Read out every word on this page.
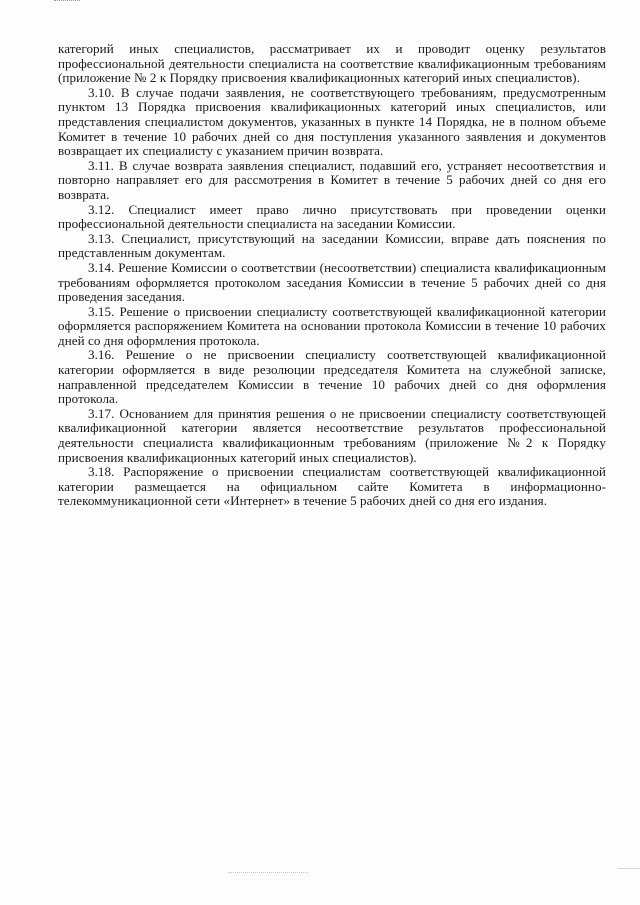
категорий иных специалистов, рассматривает их и проводит оценку результатов профессиональной деятельности специалиста на соответствие квалификационным требованиям (приложение № 2 к Порядку присвоения квалификационных категорий иных специалистов).

3.10. В случае подачи заявления, не соответствующего требованиям, предусмотренным пунктом 13 Порядка присвоения квалификационных категорий иных специалистов, или представления специалистом документов, указанных в пункте 14 Порядка, не в полном объеме Комитет в течение 10 рабочих дней со дня поступления указанного заявления и документов возвращает их специалисту с указанием причин возврата.

3.11. В случае возврата заявления специалист, подавший его, устраняет несоответствия и повторно направляет его для рассмотрения в Комитет в течение 5 рабочих дней со дня его возврата.

3.12. Специалист имеет право лично присутствовать при проведении оценки профессиональной деятельности специалиста на заседании Комиссии.

3.13. Специалист, присутствующий на заседании Комиссии, вправе дать пояснения по представленным документам.

3.14. Решение Комиссии о соответствии (несоответствии) специалиста квалификационным требованиям оформляется протоколом заседания Комиссии в течение 5 рабочих дней со дня проведения заседания.

3.15. Решение о присвоении специалисту соответствующей квалификационной категории оформляется распоряжением Комитета на основании протокола Комиссии в течение 10 рабочих дней со дня оформления протокола.

3.16. Решение о не присвоении специалисту соответствующей квалификационной категории оформляется в виде резолюции председателя Комитета на служебной записке, направленной председателем Комиссии в течение 10 рабочих дней со дня оформления протокола.

3.17. Основанием для принятия решения о не присвоении специалисту соответствующей квалификационной категории является несоответствие результатов профессиональной деятельности специалиста квалификационным требованиям (приложение №2 к Порядку присвоения квалификационных категорий иных специалистов).

3.18. Распоряжение о присвоении специалистам соответствующей квалификационной категории размещается на официальном сайте Комитета в информационно-телекоммуникационной сети «Интернет» в течение 5 рабочих дней со дня его издания.
